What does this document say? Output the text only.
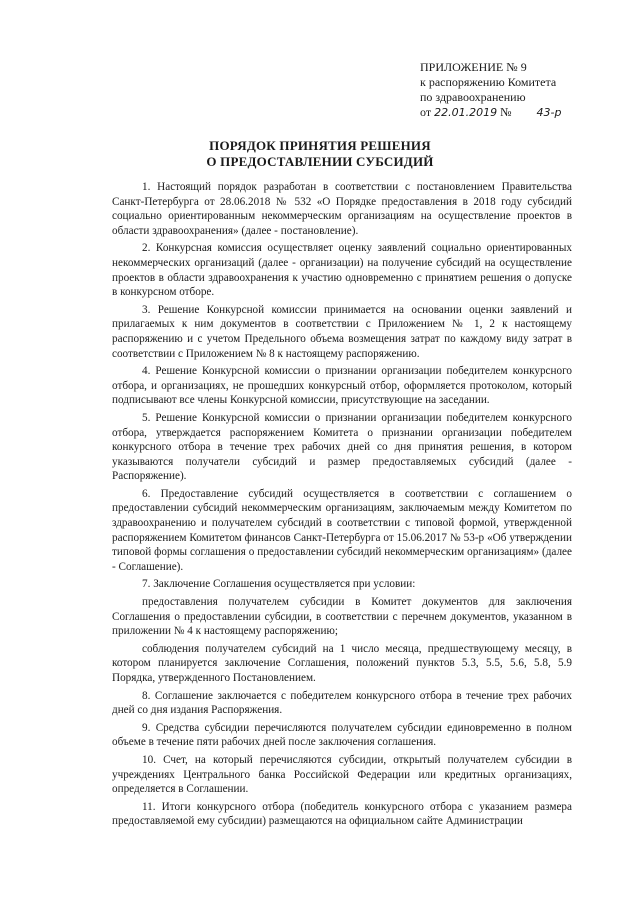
ПРИЛОЖЕНИЕ № 9
к распоряжению Комитета
по здравоохранению
от 22.01.2019 № 43-р
ПОРЯДОК ПРИНЯТИЯ РЕШЕНИЯ
О ПРЕДОСТАВЛЕНИИ СУБСИДИЙ

1. Настоящий порядок разработан в соответствии с постановлением Правительства Санкт-Петербурга от 28.06.2018 № 532 «О Порядке предоставления в 2018 году субсидий социально ориентированным некоммерческим организациям на осуществление проектов в области здравоохранения» (далее - постановление).

2. Конкурсная комиссия осуществляет оценку заявлений социально ориентированных некоммерческих организаций (далее - организации) на получение субсидий на осуществление проектов в области здравоохранения к участию одновременно с принятием решения о допуске в конкурсном отборе.

3. Решение Конкурсной комиссии принимается на основании оценки заявлений и прилагаемых к ним документов в соответствии с Приложением № 1, 2 к настоящему распоряжению и с учетом Предельного объема возмещения затрат по каждому виду затрат в соответствии с Приложением № 8 к настоящему распоряжению.

4. Решение Конкурсной комиссии о признании организации победителем конкурсного отбора, и организациях, не прошедших конкурсный отбор, оформляется протоколом, который подписывают все члены Конкурсной комиссии, присутствующие на заседании.

5. Решение Конкурсной комиссии о признании организации победителем конкурсного отбора, утверждается распоряжением Комитета о признании организации победителем конкурсного отбора в течение трех рабочих дней со дня принятия решения, в котором указываются получатели субсидий и размер предоставляемых субсидий (далее - Распоряжение).

6. Предоставление субсидий осуществляется в соответствии с соглашением о предоставлении субсидий некоммерческим организациям, заключаемым между Комитетом по здравоохранению и получателем субсидий в соответствии с типовой формой, утвержденной распоряжением Комитетом финансов Санкт-Петербурга от 15.06.2017 № 53-р «Об утверждении типовой формы соглашения о предоставлении субсидий некоммерческим организациям» (далее - Соглашение).

7. Заключение Соглашения осуществляется при условии:

предоставления получателем субсидии в Комитет документов для заключения Соглашения о предоставлении субсидии, в соответствии с перечнем документов, указанном в приложении № 4 к настоящему распоряжению;

соблюдения получателем субсидий на 1 число месяца, предшествующему месяцу, в котором планируется заключение Соглашения, положений пунктов 5.3, 5.5, 5.6, 5.8, 5.9 Порядка, утвержденного Постановлением.

8. Соглашение заключается с победителем конкурсного отбора в течение трех рабочих дней со дня издания Распоряжения.

9. Средства субсидии перечисляются получателем субсидии единовременно в полном объеме в течение пяти рабочих дней после заключения соглашения.

10. Счет, на который перечисляются субсидии, открытый получателем субсидии в учреждениях Центрального банка Российской Федерации или кредитных организациях, определяется в Соглашении.

11. Итоги конкурсного отбора (победитель конкурсного отбора с указанием размера предоставляемой ему субсидии) размещаются на официальном сайте Администрации
